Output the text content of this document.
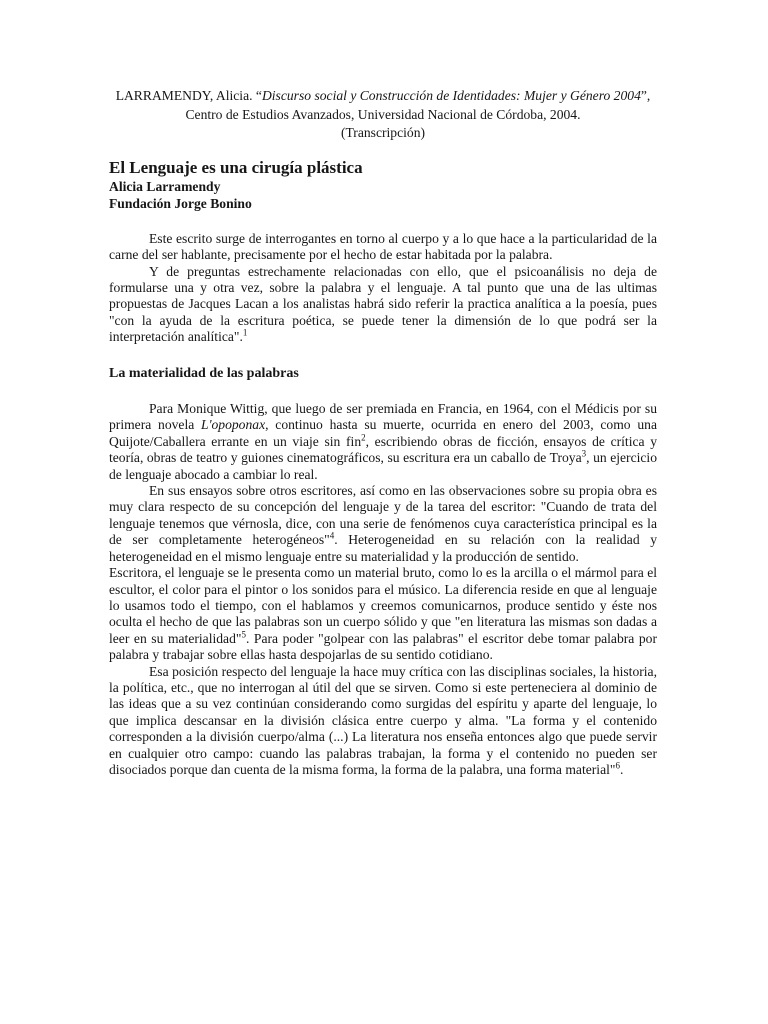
LARRAMENDY, Alicia. “Discurso social y Construcción de Identidades: Mujer y Género 2004”, Centro de Estudios Avanzados, Universidad Nacional de Córdoba, 2004.

(Transcripción)

El Lenguaje es una cirugía plástica

Alicia Larramendy

Fundación Jorge Bonino

Este escrito surge de interrogantes en torno al cuerpo y a lo que hace a la particularidad de la carne del ser hablante, precisamente por el hecho de estar habitada por la palabra.

Y de preguntas estrechamente relacionadas con ello, que el psicoanálisis no deja de formularse una y otra vez, sobre la palabra y el lenguaje. A tal punto que una de las ultimas propuestas de Jacques Lacan a los analistas habrá sido referir la practica analítica a la poesía, pues "con la ayuda de la escritura poética, se puede tener la dimensión de lo que podrá ser la interpretación analítica".$^1$

La materialidad de las palabras

Para Monique Wittig, que luego de ser premiada en Francia, en 1964, con el Médicis por su primera novela L'opoponax, continuo hasta su muerte, ocurrida en enero del 2003, como una Quijote/Caballera errante en un viaje sin fin$^2$, escribiendo obras de ficción, ensayos de crítica y teoría, obras de teatro y guiones cinematográficos, su escritura era un caballo de Troya$^3$, un ejercicio de lenguaje abocado a cambiar lo real.

En sus ensayos sobre otros escritores, así como en las observaciones sobre su propia obra es muy clara respecto de su concepción del lenguaje y de la tarea del escritor: "Cuando de trata del lenguaje tenemos que vérnosla, dice, con una serie de fenómenos cuya característica principal es la de ser completamente heterogéneos"$^4$. Heterogeneidad en su relación con la realidad y heterogeneidad en el mismo lenguaje entre su materialidad y la producción de sentido.

Escritora, el lenguaje se le presenta como un material bruto, como lo es la arcilla o el mármol para el escultor, el color para el pintor o los sonidos para el músico. La diferencia reside en que al lenguaje lo usamos todo el tiempo, con el hablamos y creemos comunicarnos, produce sentido y éste nos oculta el hecho de que las palabras son un cuerpo sólido y que "en literatura las mismas son dadas a leer en su materialidad"$^5$. Para poder "golpear con las palabras" el escritor debe tomar palabra por palabra y trabajar sobre ellas hasta despojarlas de su sentido cotidiano.

Esa posición respecto del lenguaje la hace muy crítica con las disciplinas sociales, la historia, la política, etc., que no interrogan al útil del que se sirven. Como si este perteneciera al dominio de las ideas que a su vez continúan considerando como surgidas del espíritu y aparte del lenguaje, lo que implica descansar en la división clásica entre cuerpo y alma. "La forma y el contenido corresponden a la división cuerpo/alma (...) La literatura nos enseña entonces algo que puede servir en cualquier otro campo: cuando las palabras trabajan, la forma y el contenido no pueden ser disociados porque dan cuenta de la misma forma, la forma de la palabra, una forma material"$^6$.
